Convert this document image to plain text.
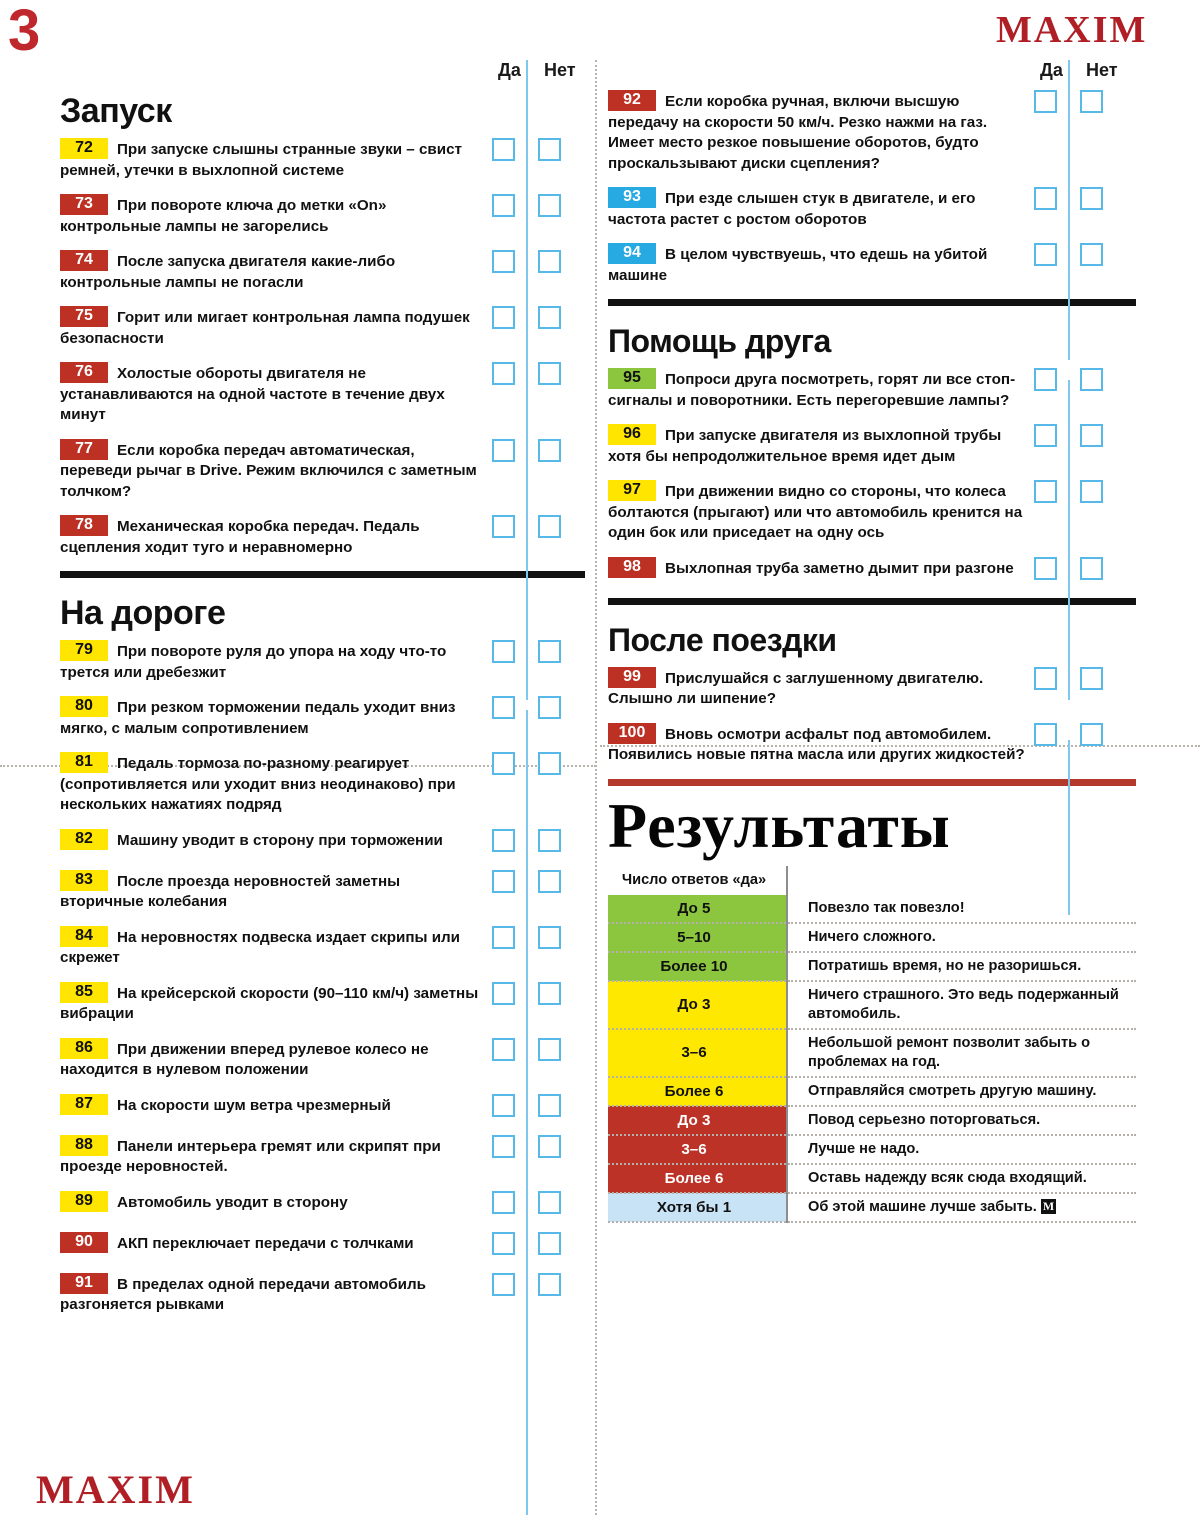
3	MAXIM
MAXIM
Да Нет
Запуск
72 При запуске слышны странные звуки – свист ремней, утечки в выхлопной системе
73 При повороте ключа до метки «On» контрольные лампы не загорелись
74 После запуска двигателя какие-либо контрольные лампы не погасли
75 Горит или мигает контрольная лампа подушек безопасности
76 Холостые обороты двигателя не устанавливаются на одной частоте в течение двух минут
77 Если коробка передач автоматическая, переведи рычаг в Drive. Режим включился с заметным толчком?
78 Механическая коробка передач. Педаль сцепления ходит туго и неравномерно
На дороге
79 При повороте руля до упора на ходу что-то трется или дребезжит
80 При резком торможении педаль уходит вниз мягко, с малым сопротивлением
81 Педаль тормоза по-разному реагирует (сопротивляется или уходит вниз неодинаково) при нескольких нажатиях подряд
82 Машину уводит в сторону при торможении
83 После проезда неровностей заметны вторичные колебания
84 На неровностях подвеска издает скрипы или скрежет
85 На крейсерской скорости (90–110 км/ч) заметны вибрации
86 При движении вперед рулевое колесо не находится в нулевом положении
87 На скорости шум ветра чрезмерный
88 Панели интерьера гремят или скрипят при проезде неровностей.
89 Автомобиль уводит в сторону
90 АКП переключает передачи с толчками
91 В пределах одной передачи автомобиль разгоняется рывками
Да Нет
92 Если коробка ручная, включи высшую передачу на скорости 50 км/ч. Резко нажми на газ. Имеет место резкое повышение оборотов, будто проскальзывают диски сцепления?
93 При езде слышен стук в двигателе, и его частота растет с ростом оборотов
94 В целом чувствуешь, что едешь на убитой машине
Помощь друга
95 Попроси друга посмотреть, горят ли все стоп-сигналы и поворотники. Есть перегоревшие лампы?
96 При запуске двигателя из выхлопной трубы хотя бы непродолжительное время идет дым
97 При движении видно со стороны, что колеса болтаются (прыгают) или что автомобиль кренится на один бок или приседает на одну ось
98 Выхлопная труба заметно дымит при разгоне
После поездки
99 Прислушайся с заглушенному двигателю. Слышно ли шипение?
100 Вновь осмотри асфальт под автомобилем. Появились новые пятна масла или других жидкостей?
Результаты
Число ответов «да»	
До 5	Повезло так повезло!
5–10	Ничего сложного.
Более 10	Потратишь время, но не разоришься.
До 3	Ничего страшного. Это ведь подержанный автомобиль.
3–6	Небольшой ремонт позволит забыть о проблемах на год.
Более 6	Отправляйся смотреть другую машину.
До 3	Повод серьезно поторговаться.
3–6	Лучше не надо.
Более 6	Оставь надежду всяк сюда входящий.
Хотя бы 1	Об этой машине лучше забыть. M
